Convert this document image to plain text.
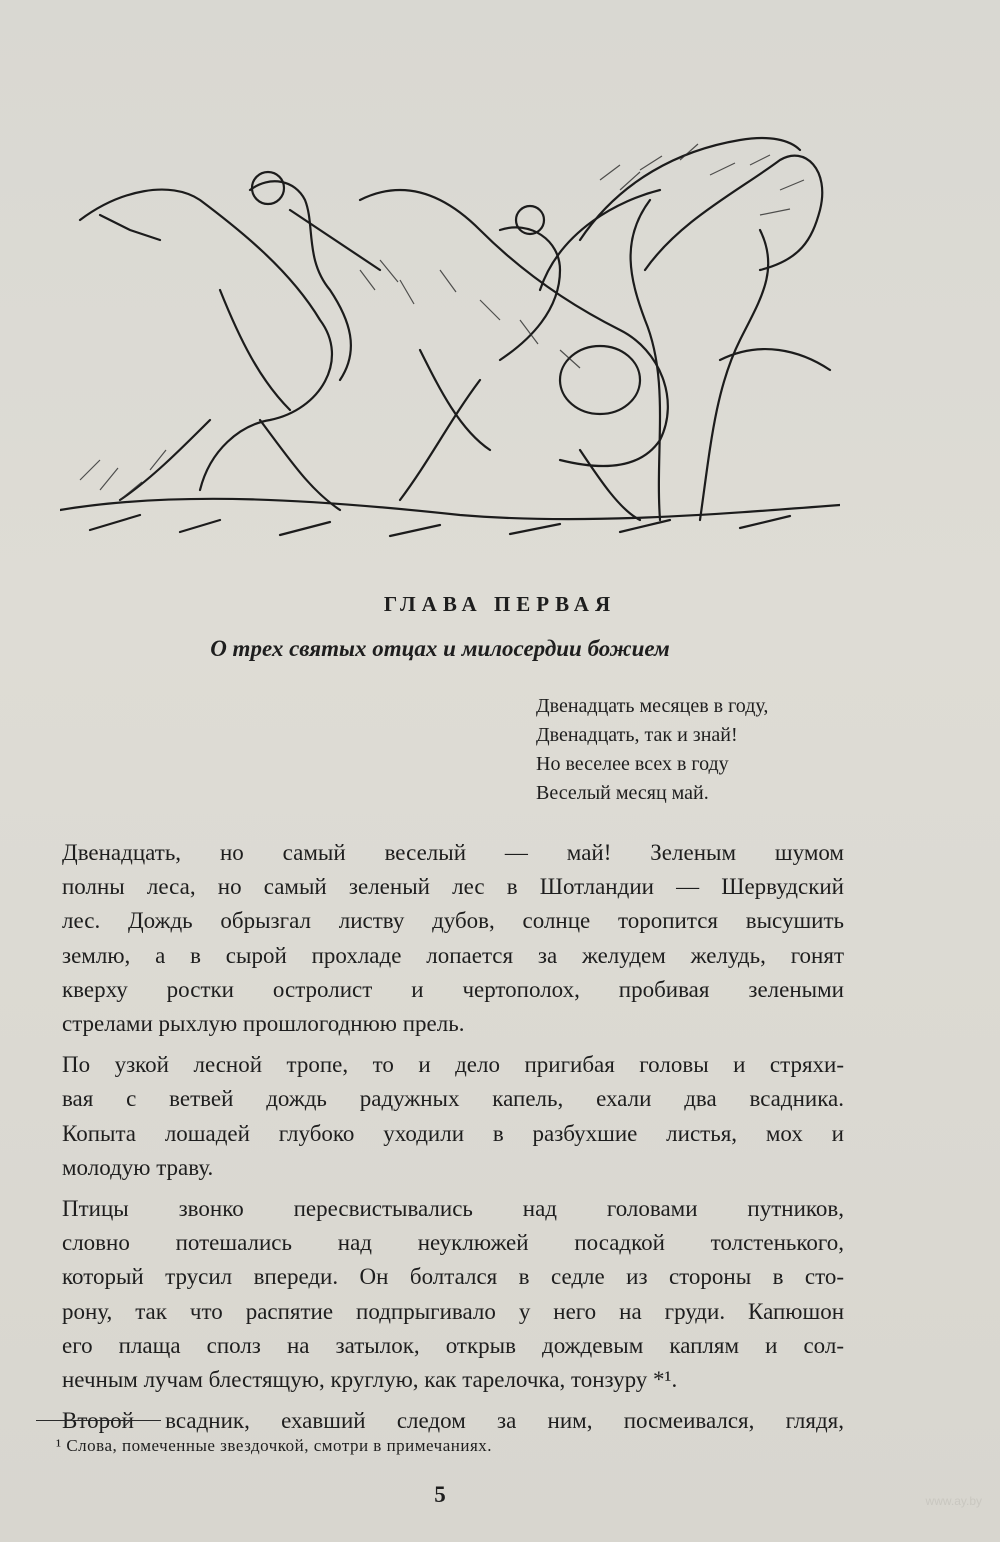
ГЛАВА ПЕРВАЯ
О трех святых отцах и милосердии божием
Двенадцать месяцев в году,
Двенадцать, так и знай!
Но веселее всех в году
Веселый месяц май.

Двенадцать, но самый веселый — май! Зеленым шумом
полны леса, но самый зеленый лес в Шотландии — Шервудский
лес. Дождь обрызгал листву дубов, солнце торопится высушить
землю, а в сырой прохладе лопается за желудем желудь, гонят
кверху ростки остролист и чертополох, пробивая зелеными
стрелами рыхлую прошлогоднюю прель.

По узкой лесной тропе, то и дело пригибая головы и стряхи-
вая с ветвей дождь радужных капель, ехали два всадника.
Копыта лошадей глубоко уходили в разбухшие листья, мох и
молодую траву.

Птицы звонко пересвистывались над головами путников,
словно потешались над неуклюжей посадкой толстенького,
который трусил впереди. Он болтался в седле из стороны в сто-
рону, так что распятие подпрыгивало у него на груди. Капюшон
его плаща сполз на затылок, открыв дождевым каплям и сол-
нечным лучам блестящую, круглую, как тарелочка, тонзуру *¹.

Второй всадник, ехавший следом за ним, посмеивался, глядя,

¹ Слова, помеченные звездочкой, смотри в примечаниях.
5	www.ay.by
